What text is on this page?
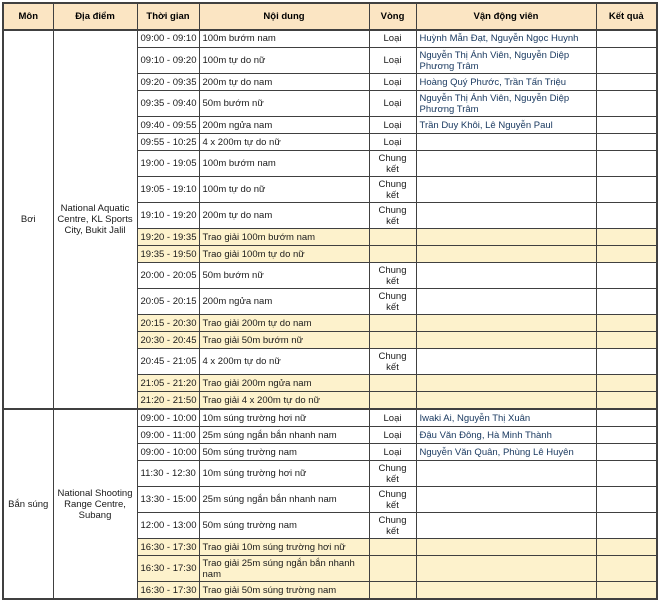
Môn	Địa điểm	Thời gian	Nội dung	Vòng	Vận động viên	Kết quả
Bơi	National Aquatic Centre, KL Sports City, Bukit Jalil	09:00 - 09:10	100m bướm nam	Loại	Huỳnh Mẫn Đạt, Nguyễn Ngọc Huynh	
		09:10 - 09:20	100m tự do nữ	Loại	Nguyễn Thị Ánh Viên, Nguyễn Diệp Phương Trâm	
		09:20 - 09:35	200m tự do nam	Loại	Hoàng Quý Phước, Trần Tấn Triệu	
		09:35 - 09:40	50m bướm nữ	Loại	Nguyễn Thị Ánh Viên, Nguyễn Diệp Phương Trâm	
		09:40 - 09:55	200m ngửa nam	Loại	Trần Duy Khôi, Lê Nguyễn Paul	
		09:55 - 10:25	4 x 200m tự do nữ	Loại		
		19:00 - 19:05	100m bướm nam	Chung kết		
		19:05 - 19:10	100m tự do nữ	Chung kết		
		19:10 - 19:20	200m tự do nam	Chung kết		
		19:20 - 19:35	Trao giải 100m bướm nam			
		19:35 - 19:50	Trao giải 100m tự do nữ			
		20:00 - 20:05	50m bướm nữ	Chung kết		
		20:05 - 20:15	200m ngửa nam	Chung kết		
		20:15 - 20:30	Trao giải 200m tự do nam			
		20:30 - 20:45	Trao giải 50m bướm nữ			
		20:45 - 21:05	4 x 200m tự do nữ	Chung kết		
		21:05 - 21:20	Trao giải 200m ngửa nam			
		21:20 - 21:50	Trao giải 4 x 200m tự do nữ			
Bắn súng	National Shooting Range Centre, Subang	09:00 - 10:00	10m súng trường hơi nữ	Loại	Iwaki Ai, Nguyễn Thị Xuân	
		09:00 - 11:00	25m súng ngắn bắn nhanh nam	Loại	Đậu Văn Đông, Hà Minh Thành	
		09:00 - 10:00	50m súng trường nam	Loại	Nguyễn Văn Quân, Phùng Lê Huyên	
		11:30 - 12:30	10m súng trường hơi nữ	Chung kết		
		13:30 - 15:00	25m súng ngắn bắn nhanh nam	Chung kết		
		12:00 - 13:00	50m súng trường nam	Chung kết		
		16:30 - 17:30	Trao giải 10m súng trường hơi nữ			
		16:30 - 17:30	Trao giải 25m súng ngắn bắn nhanh nam			
		16:30 - 17:30	Trao giải 50m súng trường nam			
